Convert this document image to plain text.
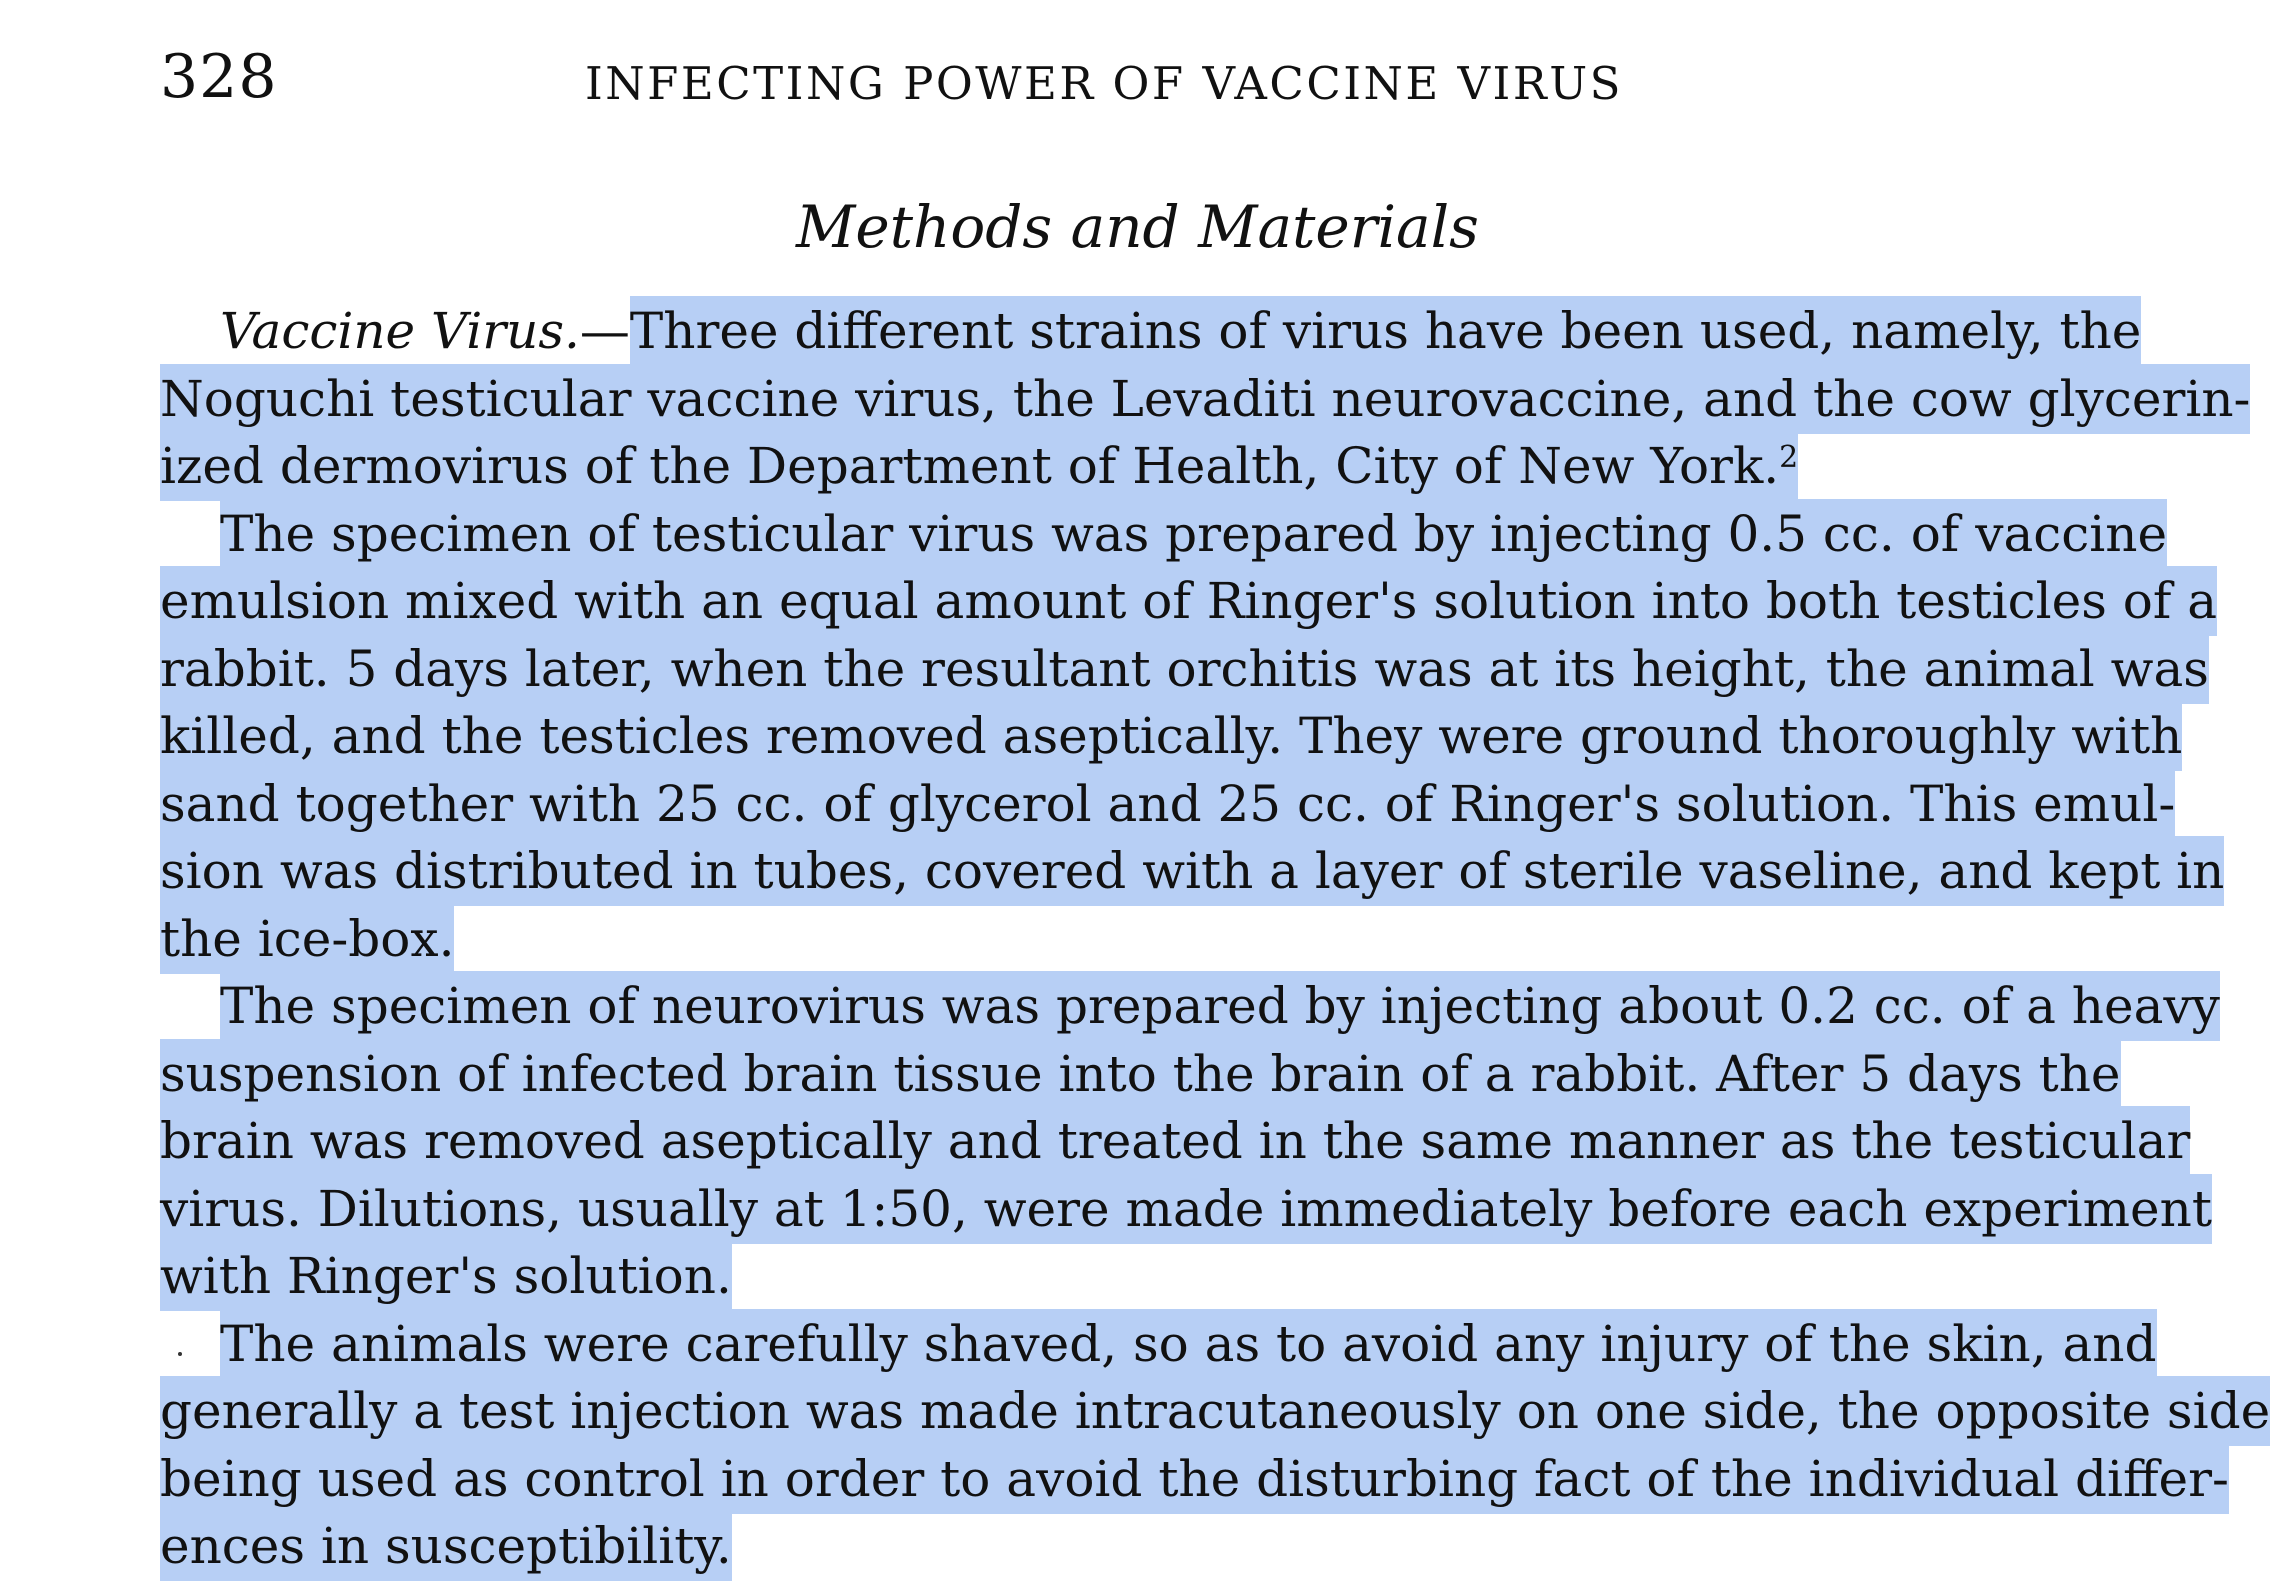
328	INFECTING POWER OF VACCINE VIRUS
Methods and Materials
Vaccine Virus.—Three different strains of virus have been used, namely, the
Noguchi testicular vaccine virus, the Levaditi neurovaccine, and the cow glycerin-
ized dermovirus of the Department of Health, City of New York.$^2$
The specimen of testicular virus was prepared by injecting 0.5 cc. of vaccine
emulsion mixed with an equal amount of Ringer's solution into both testicles of a
rabbit. 5 days later, when the resultant orchitis was at its height, the animal was
killed, and the testicles removed aseptically. They were ground thoroughly with
sand together with 25 cc. of glycerol and 25 cc. of Ringer's solution. This emul-
sion was distributed in tubes, covered with a layer of sterile vaseline, and kept in
the ice-box.
The specimen of neurovirus was prepared by injecting about 0.2 cc. of a heavy
suspension of infected brain tissue into the brain of a rabbit. After 5 days the
brain was removed aseptically and treated in the same manner as the testicular
virus. Dilutions, usually at 1:50, were made immediately before each experiment
with Ringer's solution.
The animals were carefully shaved, so as to avoid any injury of the skin, and
generally a test injection was made intracutaneously on one side, the opposite side
being used as control in order to avoid the disturbing fact of the individual differ-
ences in susceptibility.
